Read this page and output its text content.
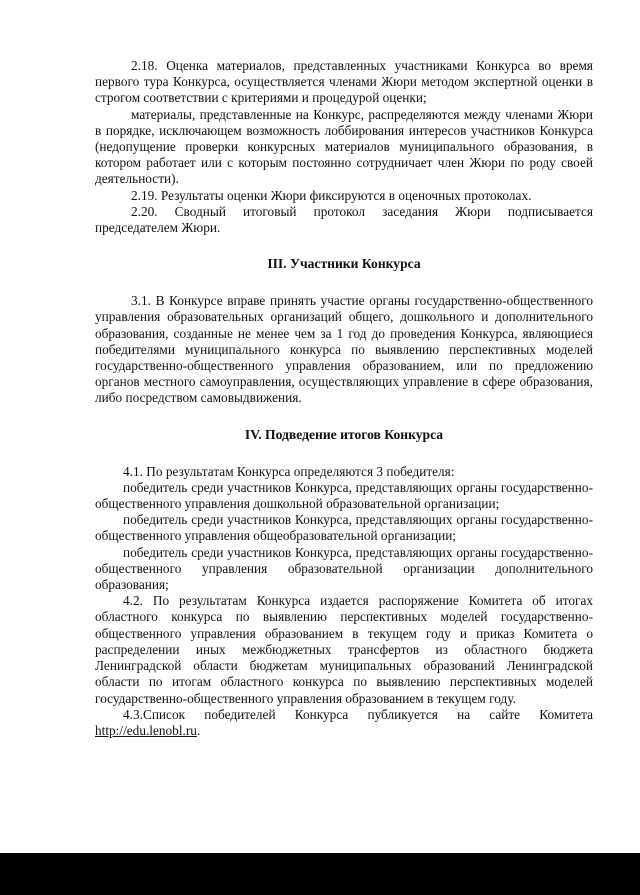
2.18. Оценка материалов, представленных участниками Конкурса во время первого тура Конкурса, осуществляется членами Жюри методом экспертной оценки в строгом соответствии с критериями и процедурой оценки;

материалы, представленные на Конкурс, распределяются между членами Жюри в порядке, исключающем возможность лоббирования интересов участников Конкурса (недопущение проверки конкурсных материалов муниципального образования, в котором работает или с которым постоянно сотрудничает член Жюри по роду своей деятельности).

2.19. Результаты оценки Жюри фиксируются в оценочных протоколах.

2.20. Сводный итоговый протокол заседания Жюри подписывается председателем Жюри.

III. Участники Конкурса

3.1. В Конкурсе вправе принять участие органы государственно-общественного управления образовательных организаций общего, дошкольного и дополнительного образования, созданные не менее чем за 1 год до проведения Конкурса, являющиеся победителями муниципального конкурса по выявлению перспективных моделей государственно-общественного управления образованием, или по предложению органов местного самоуправления, осуществляющих управление в сфере образования, либо посредством самовыдвижения.

IV. Подведение итогов Конкурса

4.1. По результатам Конкурса определяются 3 победителя:

победитель среди участников Конкурса, представляющих органы государственно-общественного управления дошкольной образовательной организации;

победитель среди участников Конкурса, представляющих органы государственно-общественного управления общеобразовательной организации;

победитель среди участников Конкурса, представляющих органы государственно-общественного управления образовательной организации дополнительного образования;

4.2. По результатам Конкурса издается распоряжение Комитета об итогах областного конкурса по выявлению перспективных моделей государственно-общественного управления образованием в текущем году и приказ Комитета о распределении иных межбюджетных трансфертов из областного бюджета Ленинградской области бюджетам муниципальных образований Ленинградской области по итогам областного конкурса по выявлению перспективных моделей государственно-общественного управления образованием в текущем году.

4.3.Список победителей Конкурса публикуется на сайте Комитета http://edu.lenobl.ru.
